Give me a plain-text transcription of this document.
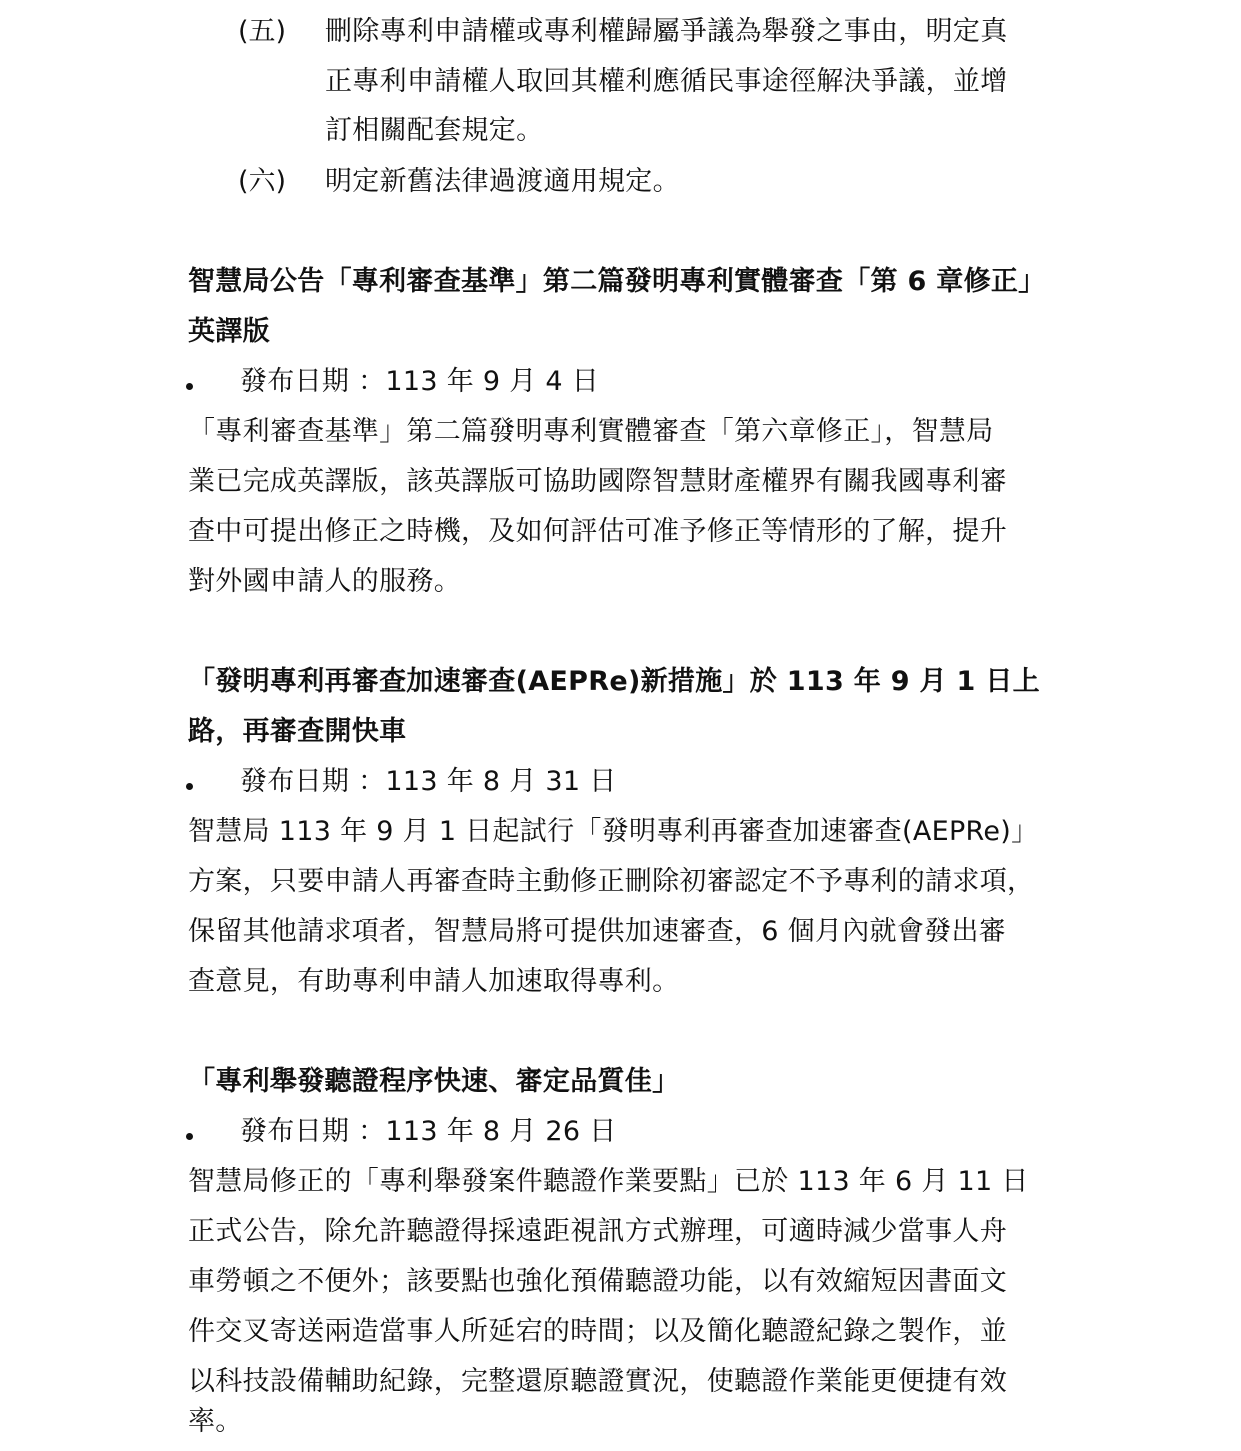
(五) 刪除專利申請權或專利權歸屬爭議為舉發之事由，明定真
正專利申請權人取回其權利應循民事途徑解決爭議，並增
訂相關配套規定。
(六) 明定新舊法律過渡適用規定。
智慧局公告「專利審查基準」第二篇發明專利實體審查「第 6 章修正」
英譯版
發布日期 ：113 年 9 月 4 日
「專利審查基準」第二篇發明專利實體審查「第六章修正」，智慧局
業已完成英譯版，該英譯版可協助國際智慧財產權界有關我國專利審
查中可提出修正之時機，及如何評估可准予修正等情形的了解，提升
對外國申請人的服務。
「發明專利再審查加速審查(AEPRe)新措施」於 113 年 9 月 1 日上
路，再審查開快車
發布日期 ：113 年 8 月 31 日
智慧局 113 年 9 月 1 日起試行「發明專利再審查加速審查(AEPRe)」
方案，只要申請人再審查時主動修正刪除初審認定不予專利的請求項，
保留其他請求項者，智慧局將可提供加速審查，6 個月內就會發出審
查意見，有助專利申請人加速取得專利。
「專利舉發聽證程序快速、審定品質佳」
發布日期 ：113 年 8 月 26 日
智慧局修正的「專利舉發案件聽證作業要點」已於 113 年 6 月 11 日
正式公告，除允許聽證得採遠距視訊方式辦理，可適時減少當事人舟
車勞頓之不便外；該要點也強化預備聽證功能，以有效縮短因書面文
件交叉寄送兩造當事人所延宕的時間；以及簡化聽證紀錄之製作，並
以科技設備輔助紀錄，完整還原聽證實況，使聽證作業能更便捷有效
率。
